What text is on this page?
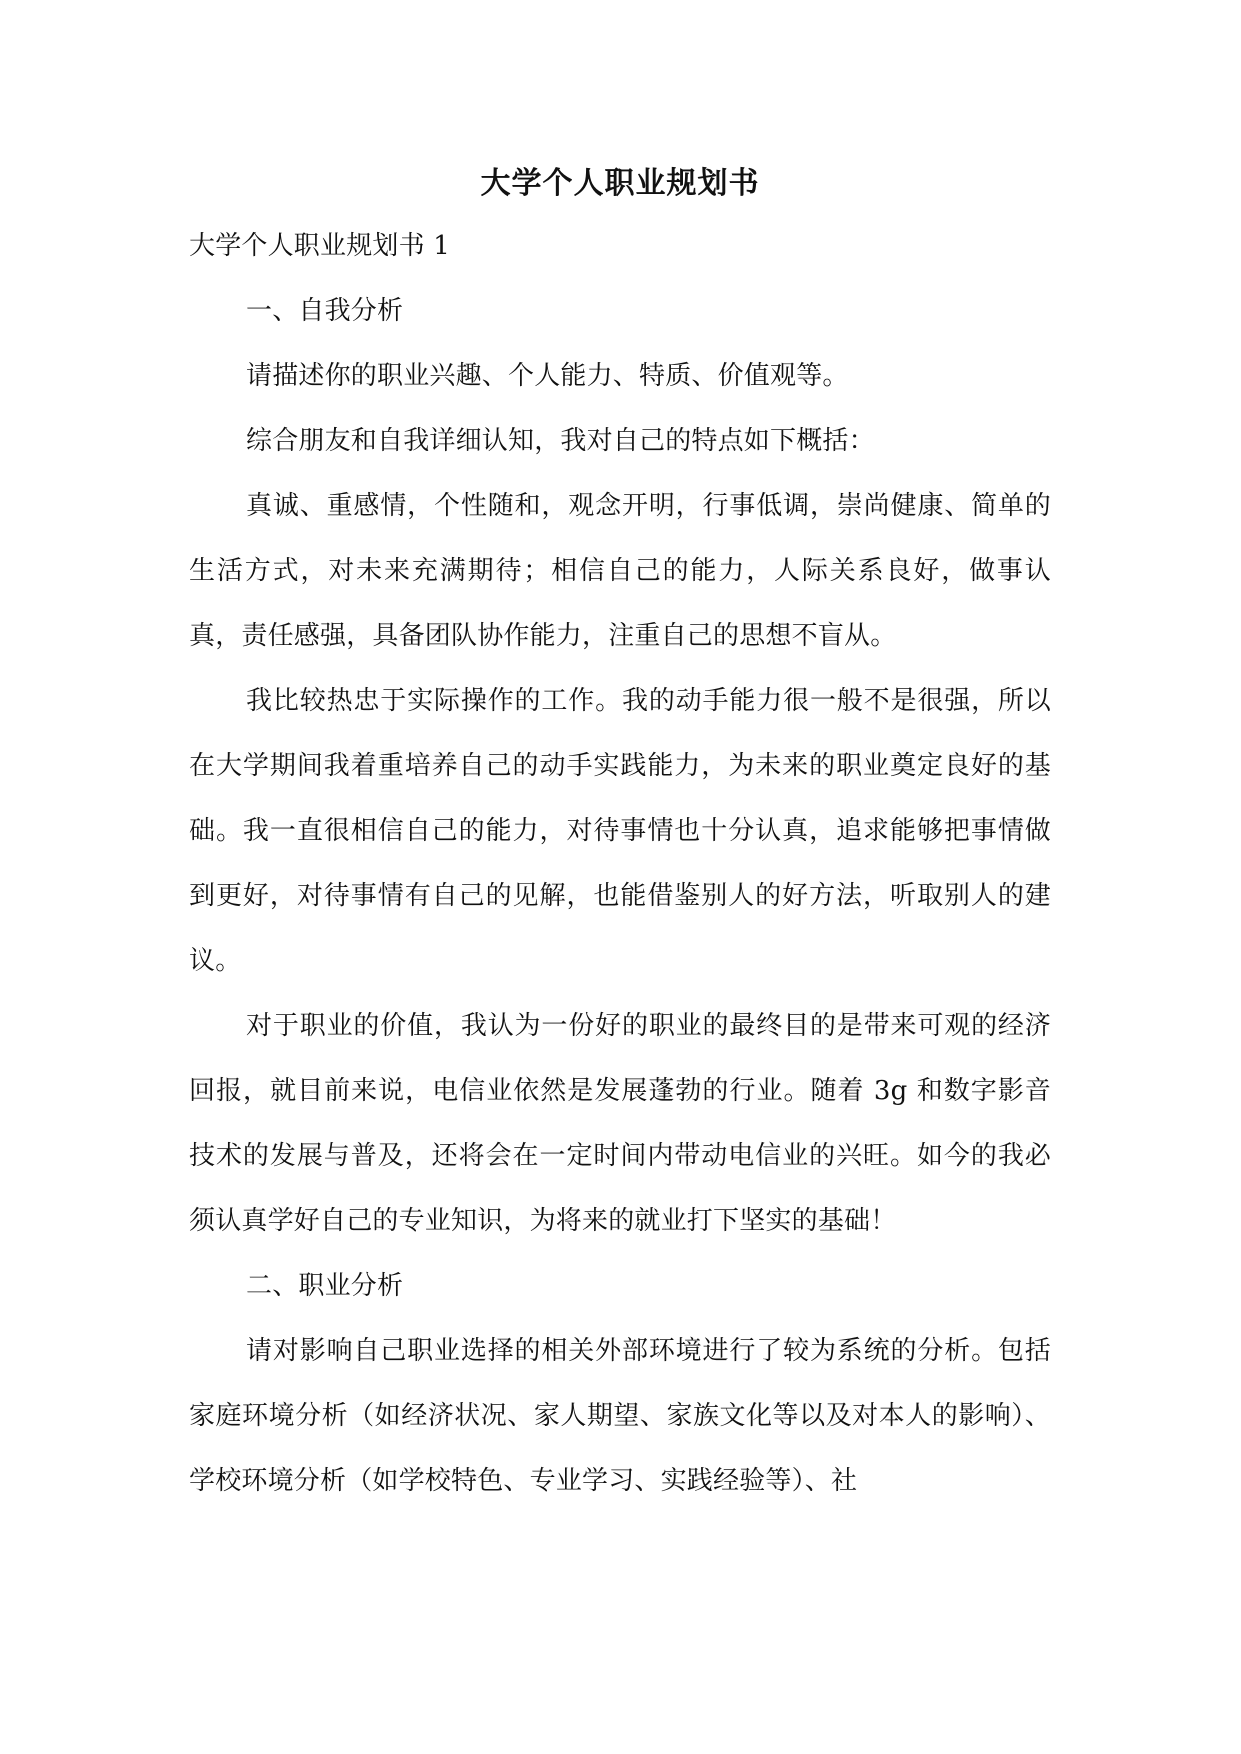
大学个人职业规划书

大学个人职业规划书 1

一、自我分析

请描述你的职业兴趣、个人能力、特质、价值观等。

综合朋友和自我详细认知，我对自己的特点如下概括：

真诚、重感情，个性随和，观念开明，行事低调，崇尚健康、简单的生活方式，对未来充满期待；相信自己的能力，人际关系良好，做事认真，责任感强，具备团队协作能力，注重自己的思想不盲从。

我比较热忠于实际操作的工作。我的动手能力很一般不是很强，所以在大学期间我着重培养自己的动手实践能力，为未来的职业奠定良好的基础。我一直很相信自己的能力，对待事情也十分认真，追求能够把事情做到更好，对待事情有自己的见解，也能借鉴别人的好方法，听取别人的建议。

对于职业的价值，我认为一份好的职业的最终目的是带来可观的经济回报，就目前来说，电信业依然是发展蓬勃的行业。随着 3g 和数字影音技术的发展与普及，还将会在一定时间内带动电信业的兴旺。如今的我必须认真学好自己的专业知识，为将来的就业打下坚实的基础！

二、职业分析

请对影响自己职业选择的相关外部环境进行了较为系统的分析。包括家庭环境分析（如经济状况、家人期望、家族文化等以及对本人的影响）、学校环境分析（如学校特色、专业学习、实践经验等）、社
